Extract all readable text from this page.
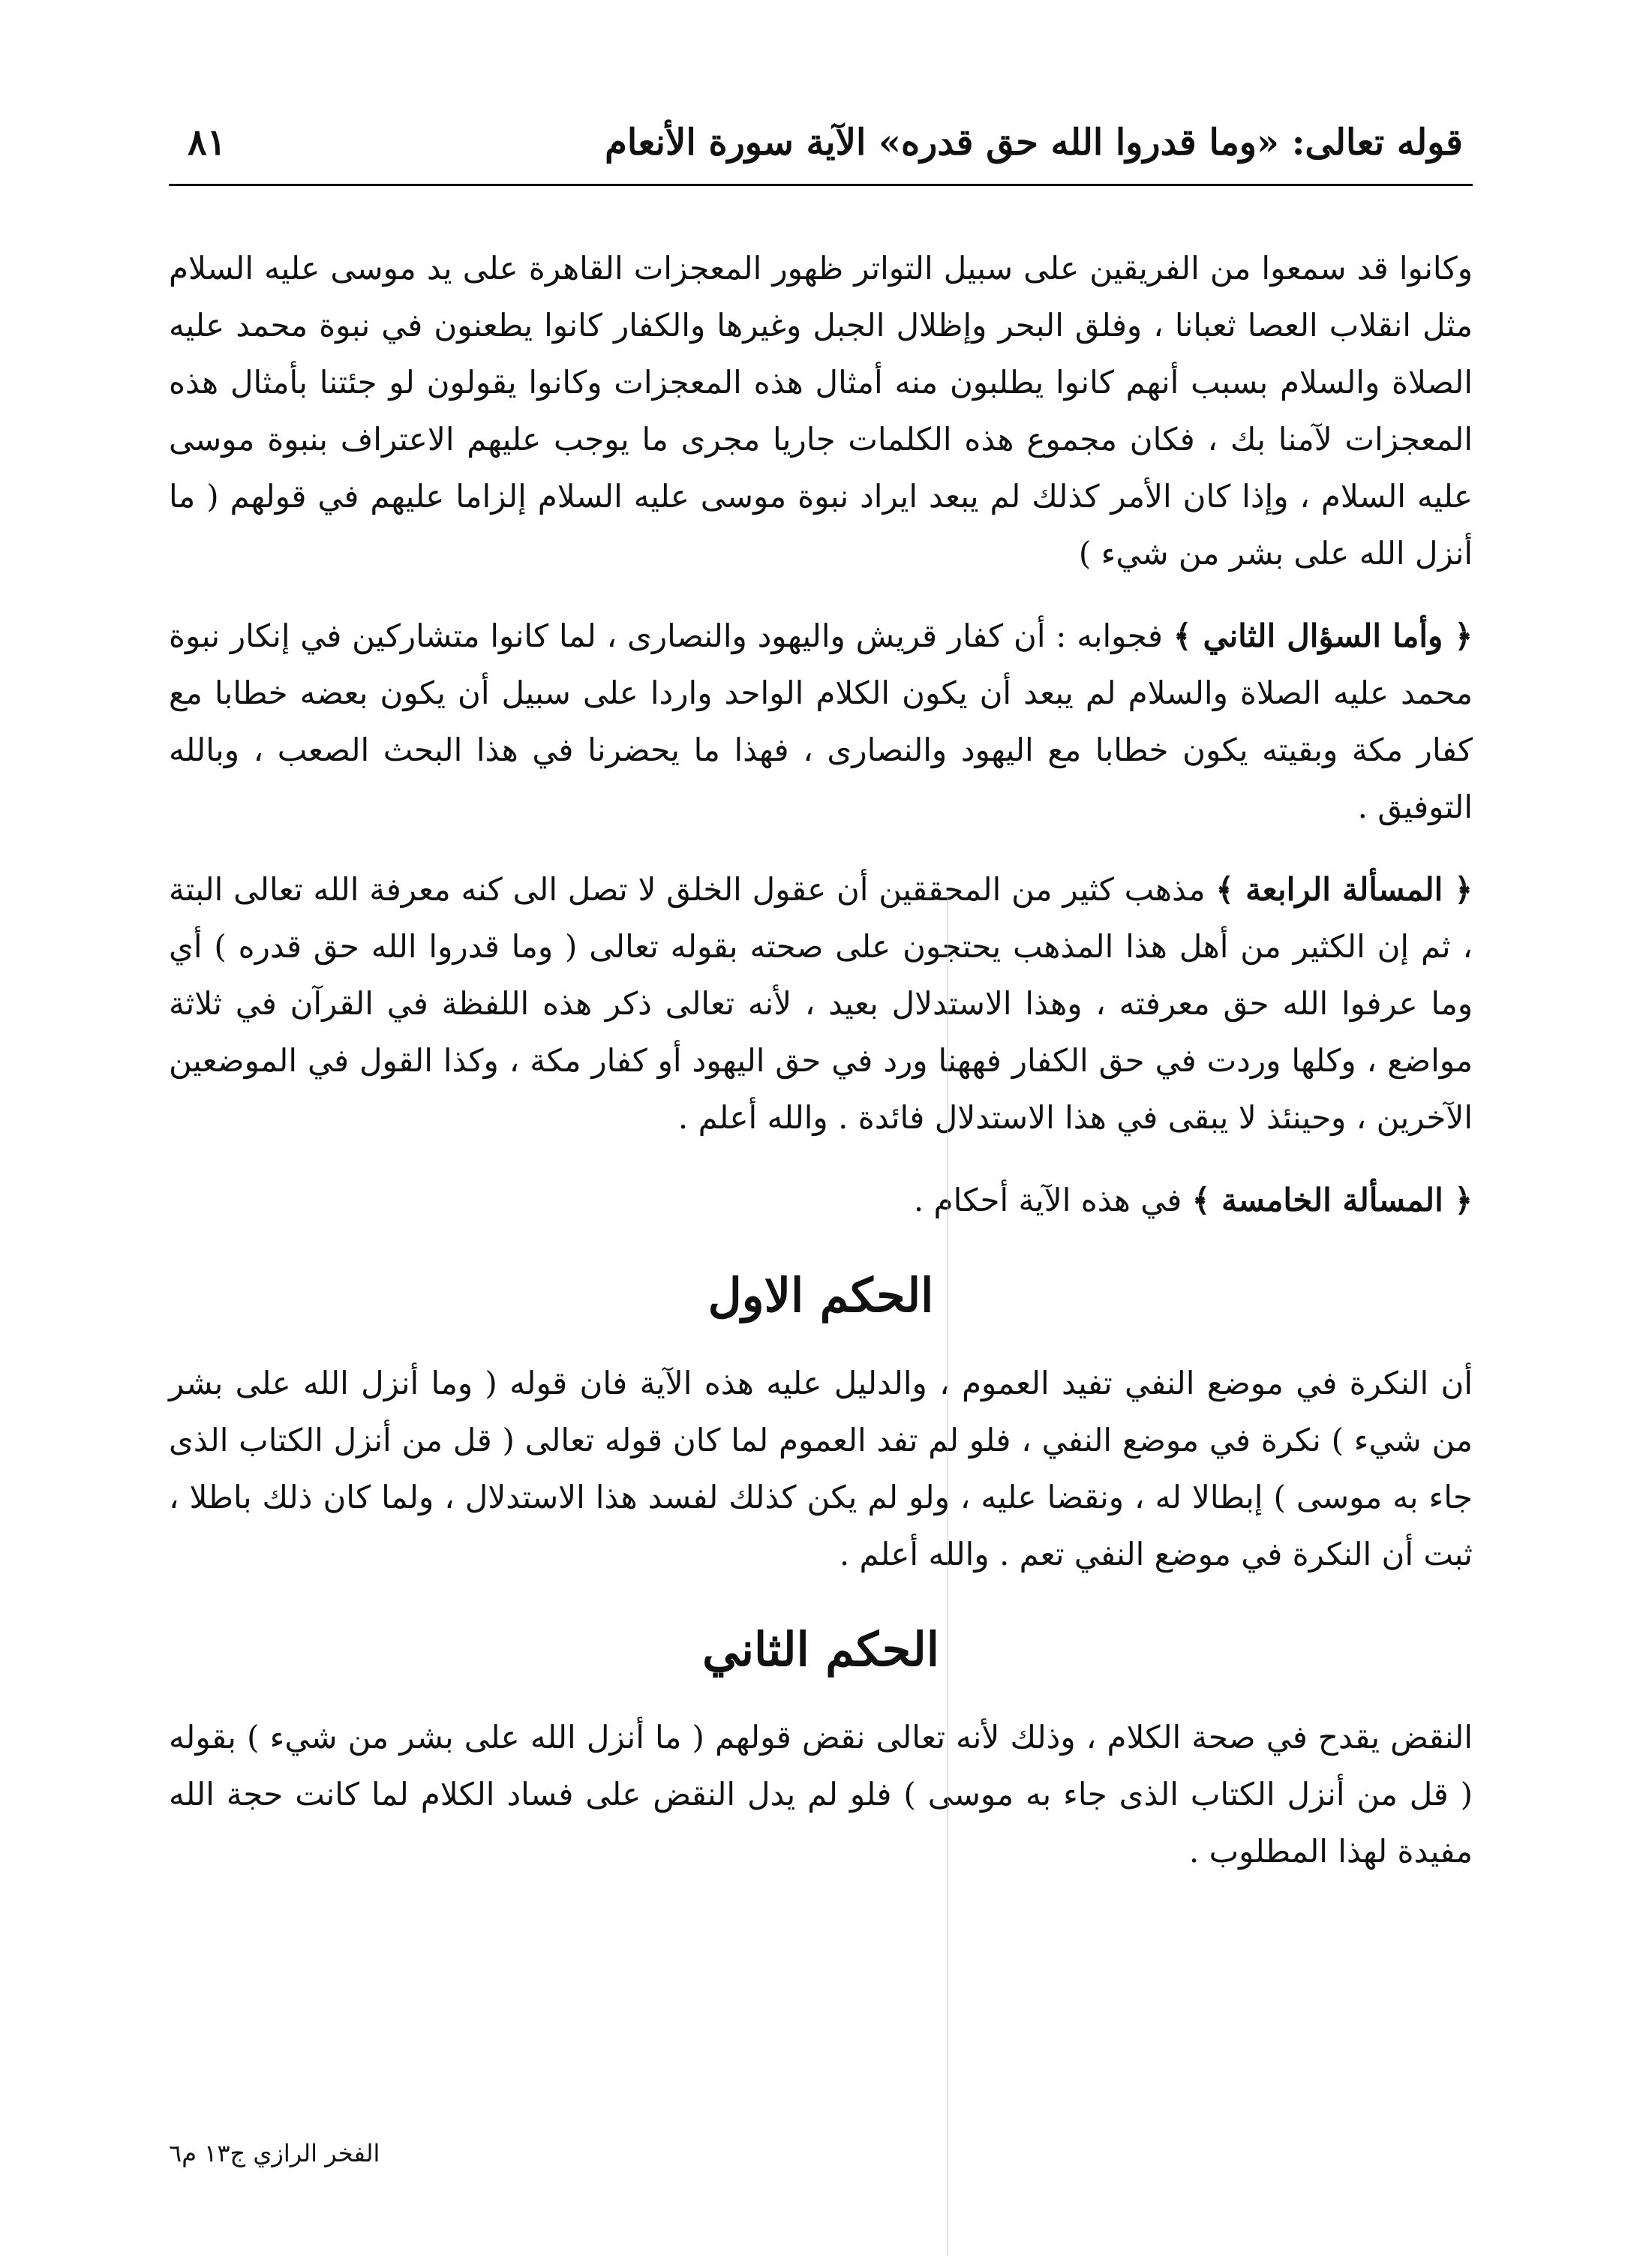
قوله تعالى: «وما قدروا الله حق قدره» الآية سورة الأنعام
٨١

وكانوا قد سمعوا من الفريقين على سبيل التواتر ظهور المعجزات القاهرة على يد موسى عليه السلام مثل انقلاب العصا ثعبانا ، وفلق البحر وإظلال الجبل وغيرها والكفار كانوا يطعنون في نبوة محمد عليه الصلاة والسلام بسبب أنهم كانوا يطلبون منه أمثال هذه المعجزات وكانوا يقولون لو جئتنا بأمثال هذه المعجزات لآمنا بك ، فكان مجموع هذه الكلمات جاريا مجرى ما يوجب عليهم الاعتراف بنبوة موسى عليه السلام ، وإذا كان الأمر كذلك لم يبعد ايراد نبوة موسى عليه السلام إلزاما عليهم في قولهم ( ما أنزل الله على بشر من شيء )

﴿ وأما السؤال الثاني ﴾ فجوابه : أن كفار قريش واليهود والنصارى ، لما كانوا متشاركين في إنكار نبوة محمد عليه الصلاة والسلام لم يبعد أن يكون الكلام الواحد واردا على سبيل أن يكون بعضه خطابا مع كفار مكة وبقيته يكون خطابا مع اليهود والنصارى ، فهذا ما يحضرنا في هذا البحث الصعب ، وبالله التوفيق .

﴿ المسألة الرابعة ﴾ مذهب كثير من المحققين أن عقول الخلق لا تصل الى كنه معرفة الله تعالى البتة ، ثم إن الكثير من أهل هذا المذهب يحتجون على صحته بقوله تعالى ( وما قدروا الله حق قدره ) أي وما عرفوا الله حق معرفته ، وهذا الاستدلال بعيد ، لأنه تعالى ذكر هذه اللفظة في القرآن في ثلاثة مواضع ، وكلها وردت في حق الكفار فههنا ورد في حق اليهود أو كفار مكة ، وكذا القول في الموضعين الآخرين ، وحينئذ لا يبقى في هذا الاستدلال فائدة . والله أعلم .

﴿ المسألة الخامسة ﴾ في هذه الآية أحكام .

الحكم الاول

أن النكرة في موضع النفي تفيد العموم ، والدليل عليه هذه الآية فان قوله ( وما أنزل الله على بشر من شيء ) نكرة في موضع النفي ، فلو لم تفد العموم لما كان قوله تعالى ( قل من أنزل الكتاب الذى جاء به موسى ) إبطالا له ، ونقضا عليه ، ولو لم يكن كذلك لفسد هذا الاستدلال ، ولما كان ذلك باطلا ، ثبت أن النكرة في موضع النفي تعم . والله أعلم .

الحكم الثاني

النقض يقدح في صحة الكلام ، وذلك لأنه تعالى نقض قولهم ( ما أنزل الله على بشر من شيء ) بقوله ( قل من أنزل الكتاب الذى جاء به موسى ) فلو لم يدل النقض على فساد الكلام لما كانت حجة الله مفيدة لهذا المطلوب .

الفخر الرازي ج١٣ م٦
